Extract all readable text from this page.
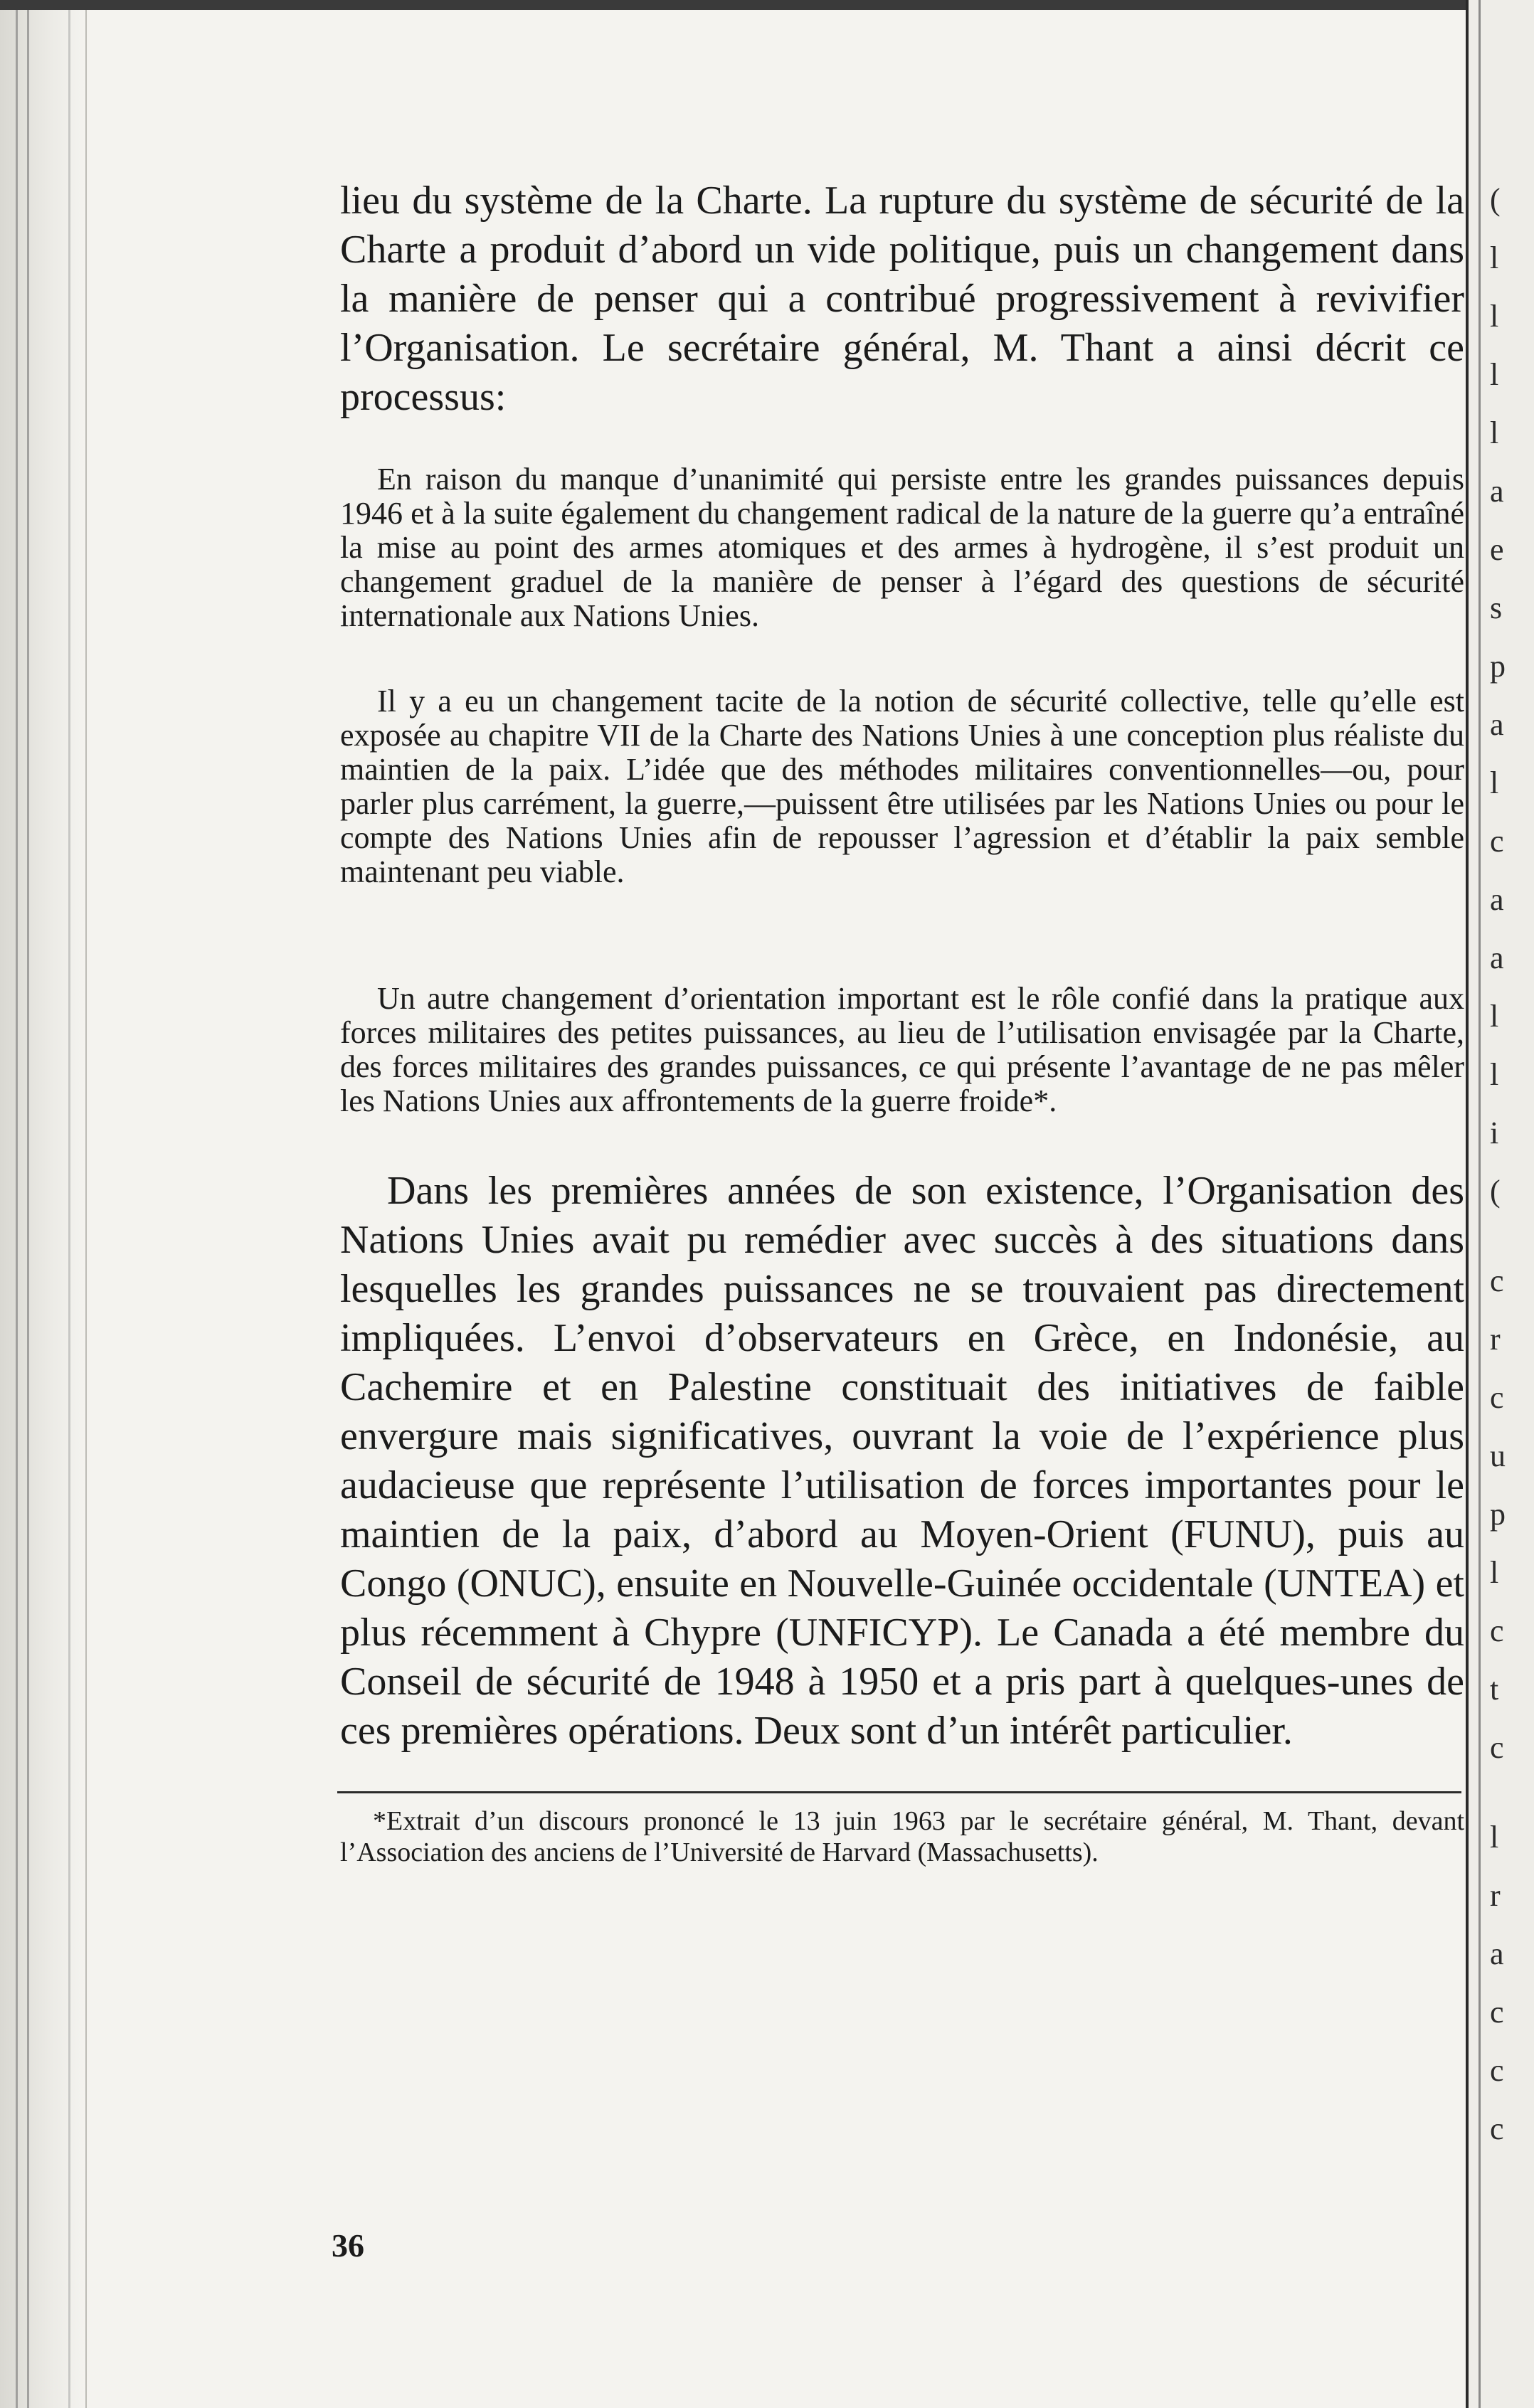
(
l
l
l
l
a
e
s
p
a
l
c
a
a
l
l
i
(
c
r
c
u
p
l
c
t
c
l
r
a
c
c
c

lieu du système de la Charte. La rupture du système de sécurité de la Charte a produit d’abord un vide politique, puis un changement dans la manière de penser qui a contribué progressivement à revivifier l’Organisation. Le secrétaire général, M. Thant a ainsi décrit ce processus:

En raison du manque d’unanimité qui persiste entre les grandes puissances depuis 1946 et à la suite également du changement radical de la nature de la guerre qu’a entraîné la mise au point des armes atomiques et des armes à hydrogène, il s’est produit un changement graduel de la manière de penser à l’égard des questions de sécurité internationale aux Nations Unies.

Il y a eu un changement tacite de la notion de sécurité collective, telle qu’elle est exposée au chapitre VII de la Charte des Nations Unies à une conception plus réaliste du maintien de la paix. L’idée que des méthodes militaires conventionnelles—ou, pour parler plus carrément, la guerre,—puissent être utilisées par les Nations Unies ou pour le compte des Nations Unies afin de repousser l’agression et d’établir la paix semble maintenant peu viable.

Un autre changement d’orientation important est le rôle confié dans la pratique aux forces militaires des petites puissances, au lieu de l’utilisation envisagée par la Charte, des forces militaires des grandes puissances, ce qui présente l’avantage de ne pas mêler les Nations Unies aux affrontements de la guerre froide*.

Dans les premières années de son existence, l’Organisation des Nations Unies avait pu remédier avec succès à des situations dans lesquelles les grandes puissances ne se trouvaient pas directement impliquées. L’envoi d’observateurs en Grèce, en Indonésie, au Cachemire et en Palestine constituait des initiatives de faible envergure mais significatives, ouvrant la voie de l’expérience plus audacieuse que représente l’utilisation de forces importantes pour le maintien de la paix, d’abord au Moyen-Orient (FUNU), puis au Congo (ONUC), ensuite en Nouvelle-Guinée occidentale (UNTEA) et plus récemment à Chypre (UNFICYP). Le Canada a été membre du Conseil de sécurité de 1948 à 1950 et a pris part à quelques-unes de ces premières opérations. Deux sont d’un intérêt particulier.

*Extrait d’un discours prononcé le 13 juin 1963 par le secrétaire général, M. Thant, devant l’Association des anciens de l’Université de Harvard (Massachusetts).

36
